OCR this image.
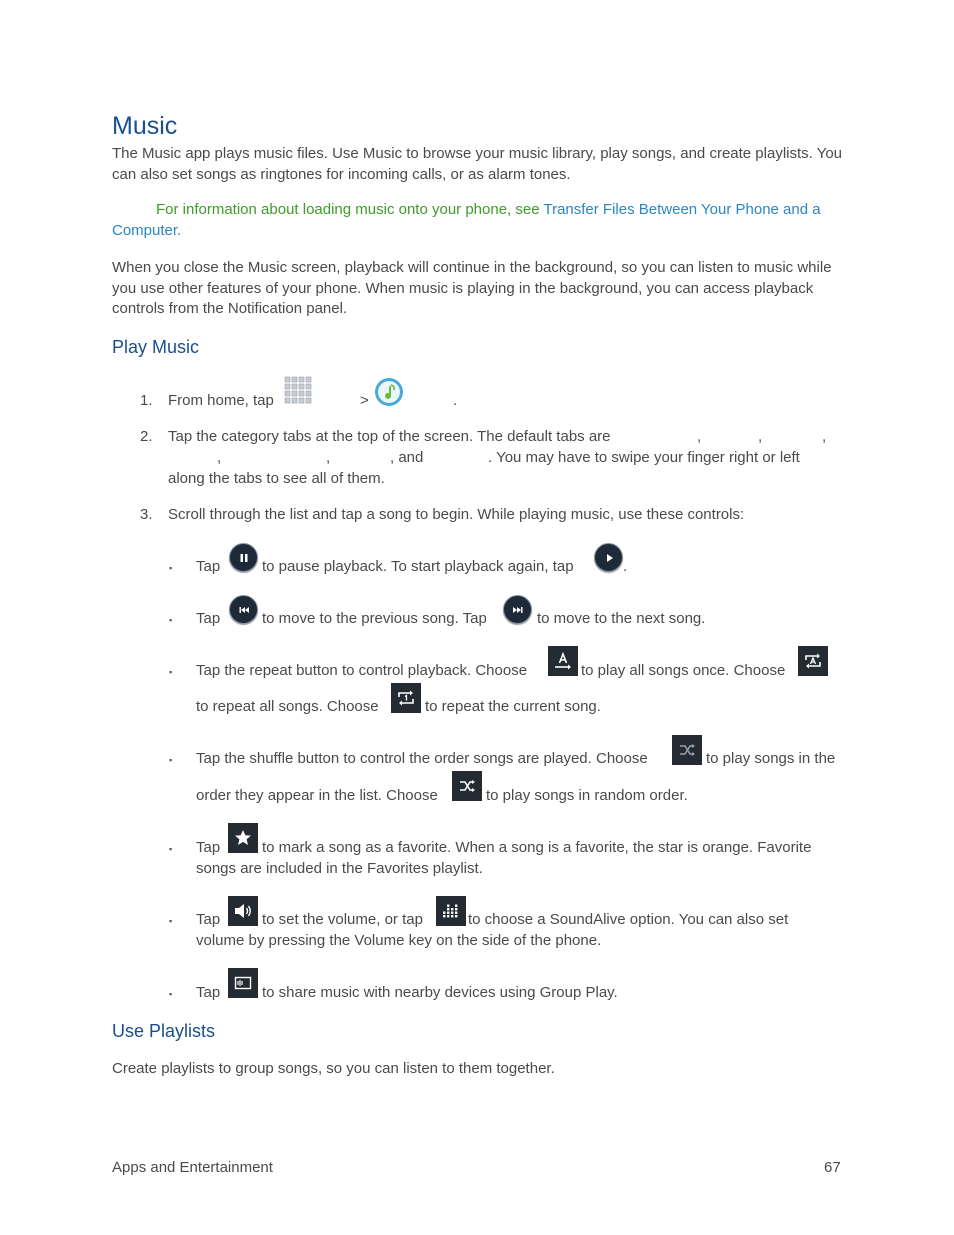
Music

The Music app plays music files. Use Music to browse your music library, play songs, and create playlists. You can also set songs as ringtones for incoming calls, or as alarm tones.

For information about loading music onto your phone, see Transfer Files Between Your Phone and a Computer.

When you close the Music screen, playback will continue in the background, so you can listen to music while you use other features of your phone. When music is playing in the background, you can access playback controls from the Notification panel.

Play Music
1. From home, tap	>	.
2. Tap the category tabs at the top of the screen. The default tabs are	,	,	,
,	,	, and	. You may have to swipe your finger right or left
along the tabs to see all of them.
3. Scroll through the list and tap a song to begin. While playing music, use these controls:
▪ Tap	to pause playback. To start playback again, tap	.
▪ Tap	to move to the previous song. Tap	to move to the next song.
▪ Tap the repeat button to control playback. Choose	to play all songs once. Choose
to repeat all songs. Choose	to repeat the current song.
▪ Tap the shuffle button to control the order songs are played. Choose	to play songs in the
order they appear in the list. Choose	to play songs in random order.
▪ Tap	to mark a song as a favorite. When a song is a favorite, the star is orange. Favorite
songs are included in the Favorites playlist.
▪ Tap	to set the volume, or tap	to choose a SoundAlive option. You can also set
volume by pressing the Volume key on the side of the phone.
▪ Tap	to share music with nearby devices using Group Play.
Use Playlists

Create playlists to group songs, so you can listen to them together.

Apps and Entertainment	67
